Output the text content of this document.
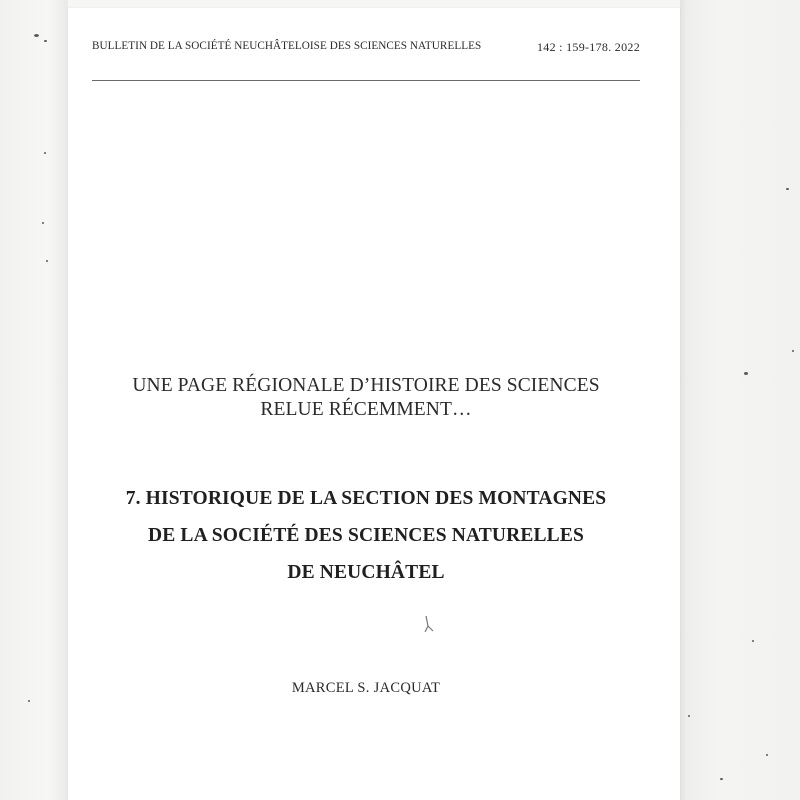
BULLETIN DE LA SOCIÉTÉ NEUCHÂTELOISE DES SCIENCES NATURELLES	142 : 159-178. 2022
UNE PAGE RÉGIONALE D’HISTOIRE DES SCIENCES
RELUE RÉCEMMENT…
7. HISTORIQUE DE LA SECTION DES MONTAGNES
DE LA SOCIÉTÉ DES SCIENCES NATURELLES
DE NEUCHÂTEL
MARCEL S. JACQUAT
